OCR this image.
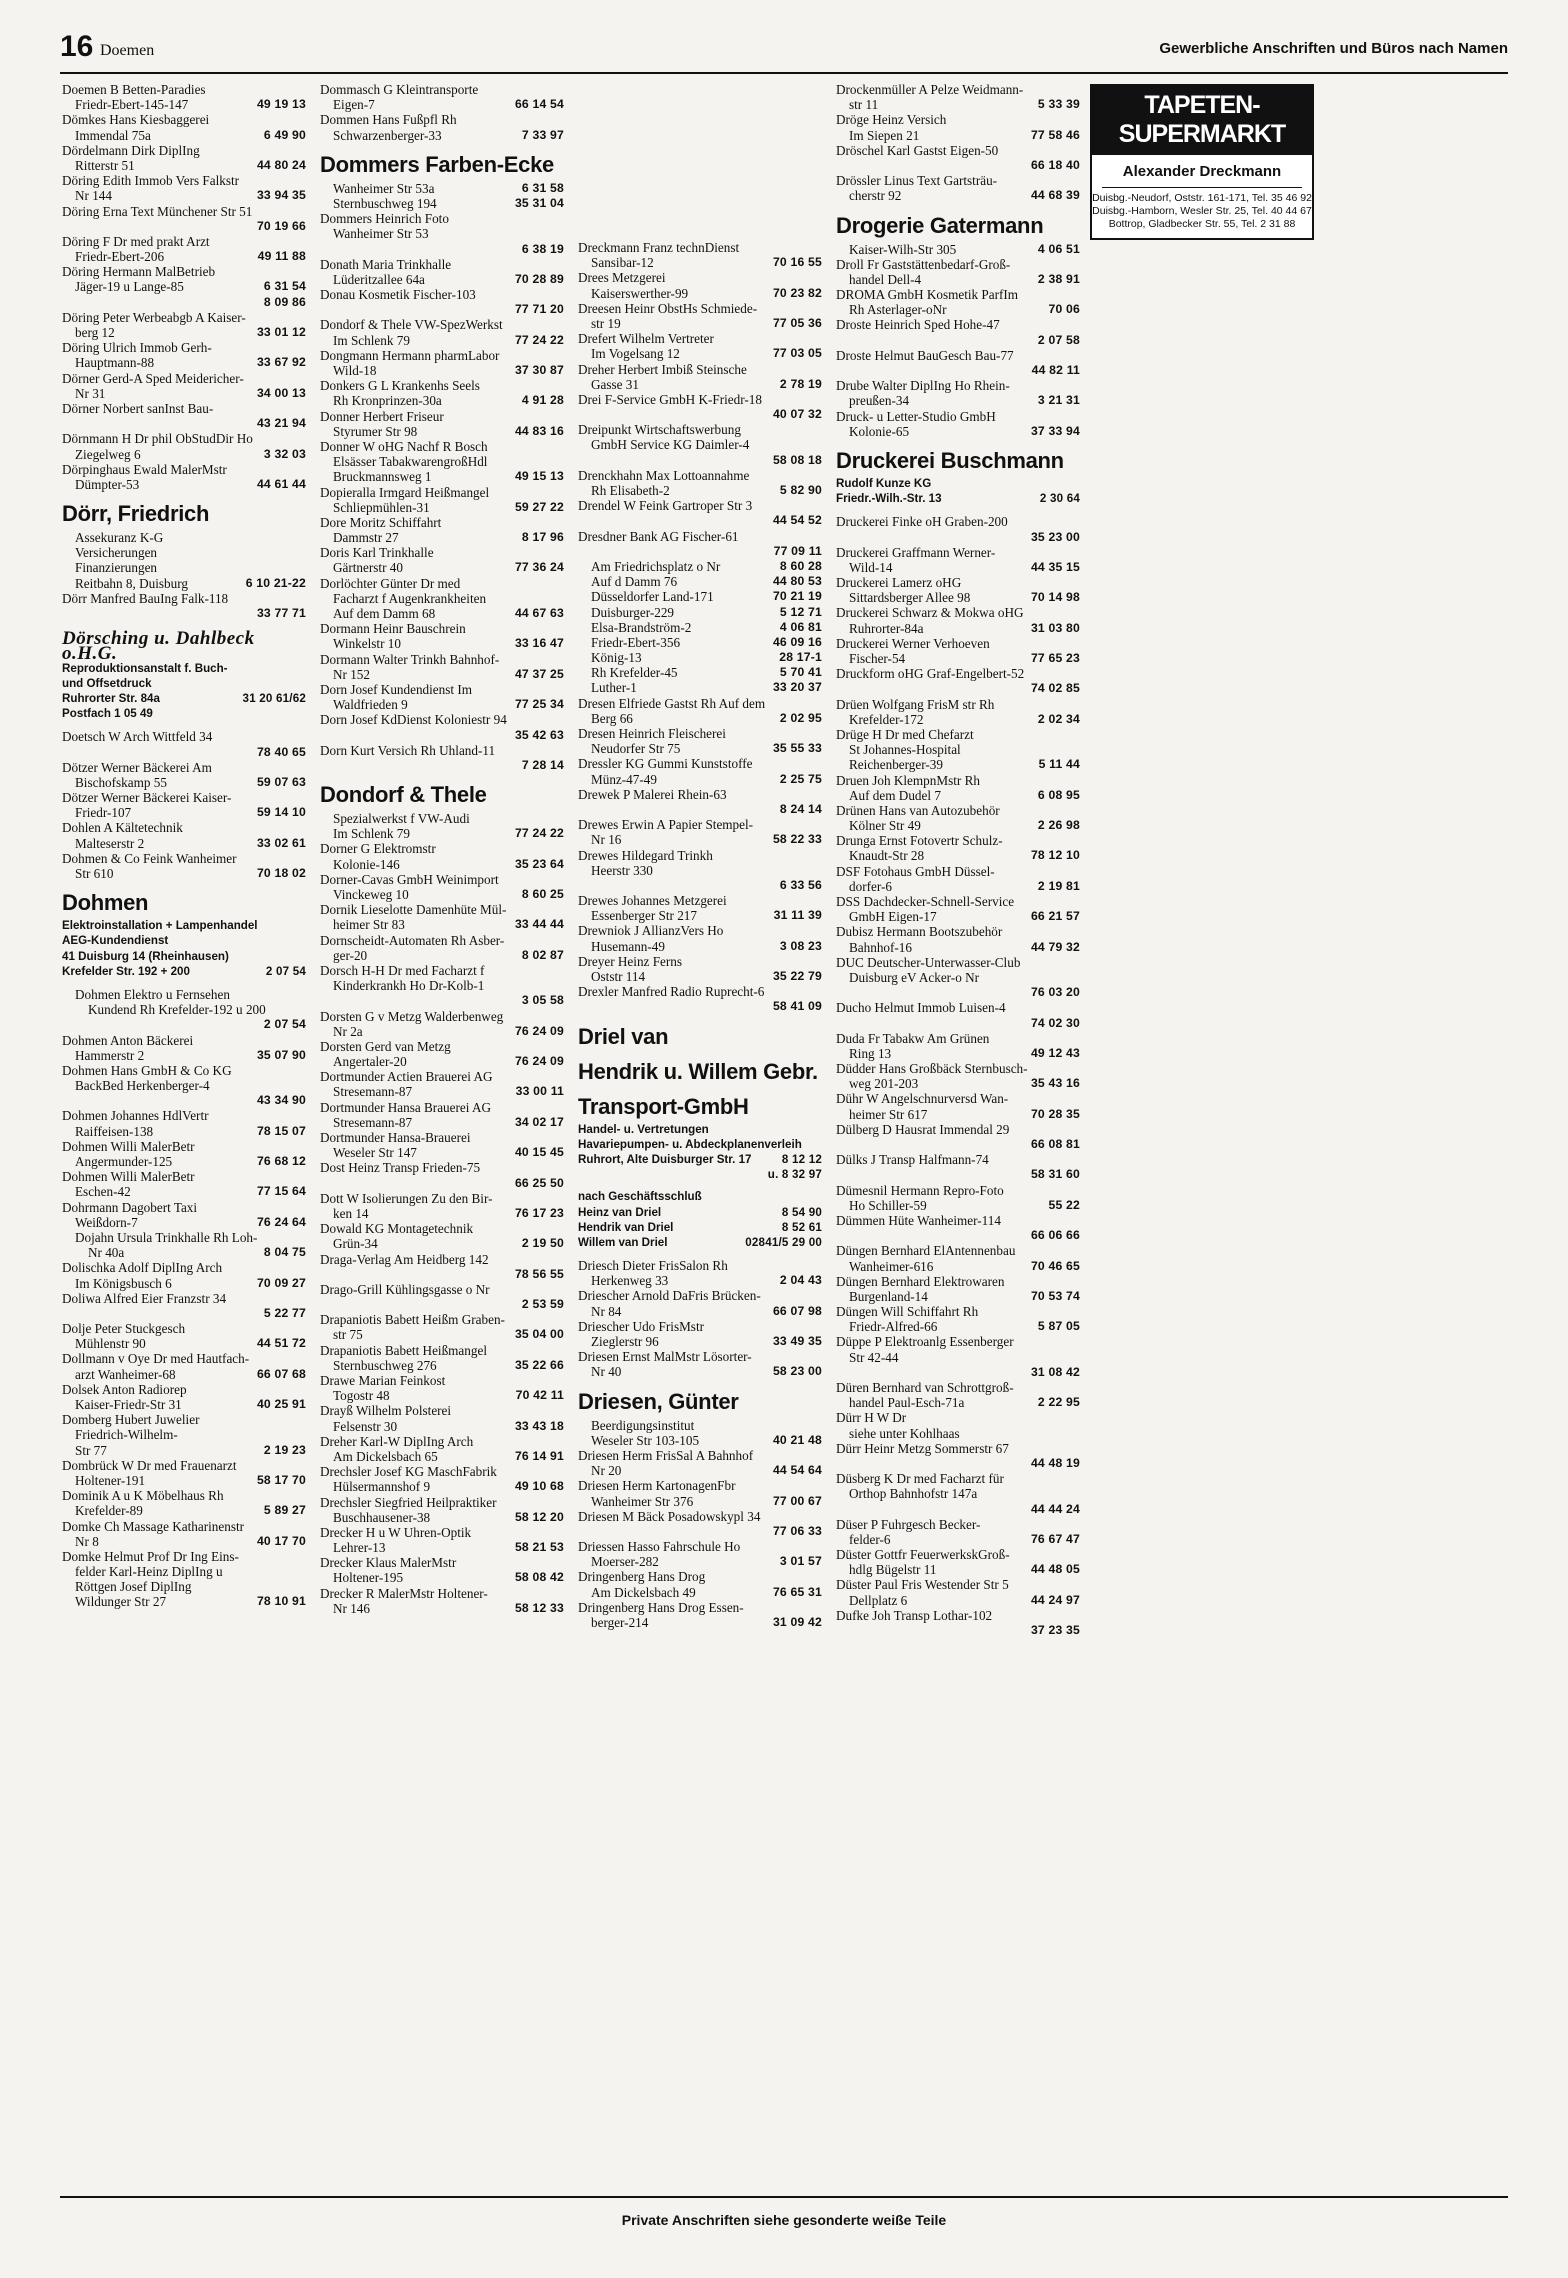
16 Doemen	Gewerbliche Anschriften und Büros nach Namen
TAPETEN-SUPERMARKT
Alexander Dreckmann
Duisbg.-Neudorf, Oststr. 161-171, Tel. 35 46 92
Duisbg.-Hamborn, Wesler Str. 25, Tel. 40 44 67
Bottrop, Gladbecker Str. 55, Tel. 2 31 88
Doemen B Betten-Paradies
Friedr-Ebert-145-147	49 19 13
Dömkes Hans Kiesbaggerei
Immendal 75a	6 49 90
Dördelmann Dirk DiplIng
Ritterstr 51	44 80 24
Döring Edith Immob Vers Falkstr
Nr 144	33 94 35
Döring Erna Text Münchener Str 51
70 19 66
Döring F Dr med prakt Arzt
Friedr-Ebert-206	49 11 88
Döring Hermann MalBetrieb
Jäger-19 u Lange-85	6 31 54
8 09 86
Döring Peter Werbeabgb A Kaiser-
berg 12	33 01 12
Döring Ulrich Immob Gerh-
Hauptmann-88	33 67 92
Dörner Gerd-A Sped Meidericher-
Nr 31	34 00 13
Dörner Norbert sanInst Bau-
43 21 94
Dörnmann H Dr phil ObStudDir Ho
Ziegelweg 6	3 32 03
Dörpinghaus Ewald MalerMstr
Dümpter-53	44 61 44
Dörr, Friedrich
Assekuranz K-G
Versicherungen
Finanzierungen
Reitbahn 8, Duisburg	6 10 21-22
Dörr Manfred BauIng Falk-118
33 77 71
Dörsching u. Dahlbeck o.H.G.
Reproduktionsanstalt f. Buch-
und Offsetdruck
Ruhrorter Str. 84a	31 20 61/62
Postfach 1 05 49
Doetsch W Arch Wittfeld 34
78 40 65
Dötzer Werner Bäckerei Am
Bischofskamp 55	59 07 63
Dötzer Werner Bäckerei Kaiser-
Friedr-107	59 14 10
Dohlen A Kältetechnik
Malteserstr 2	33 02 61
Dohmen & Co Feink Wanheimer
Str 610	70 18 02
Dohmen
Elektroinstallation + Lampenhandel
AEG-Kundendienst
41 Duisburg 14 (Rheinhausen)
Krefelder Str. 192 + 200	2 07 54
Dohmen Elektro u Fernsehen
Kundend Rh Krefelder-192 u 200
2 07 54
Dohmen Anton Bäckerei
Hammerstr 2	35 07 90
Dohmen Hans GmbH & Co KG
BackBed Herkenberger-4
43 34 90
Dohmen Johannes HdlVertr
Raiffeisen-138	78 15 07
Dohmen Willi MalerBetr
Angermunder-125	76 68 12
Dohmen Willi MalerBetr
Eschen-42	77 15 64
Dohrmann Dagobert Taxi
Weißdorn-7	76 24 64
Dojahn Ursula Trinkhalle Rh Loh-
Nr 40a	8 04 75
Dolischka Adolf DiplIng Arch
Im Königsbusch 6	70 09 27
Doliwa Alfred Eier Franzstr 34
5 22 77
Dolje Peter Stuckgesch
Mühlenstr 90	44 51 72
Dollmann v Oye Dr med Hautfach-
arzt Wanheimer-68	66 07 68
Dolsek Anton Radiorep
Kaiser-Friedr-Str 31	40 25 91
Domberg Hubert Juwelier
Friedrich-Wilhelm-
Str 77	2 19 23
Dombrück W Dr med Frauenarzt
Holtener-191	58 17 70
Dominik A u K Möbelhaus Rh
Krefelder-89	5 89 27
Domke Ch Massage Katharinenstr
Nr 8	40 17 70
Domke Helmut Prof Dr Ing Eins-
felder Karl-Heinz DiplIng u
Röttgen Josef DiplIng
Wildunger Str 27	78 10 91
Dommasch G Kleintransporte
Eigen-7	66 14 54
Dommen Hans Fußpfl Rh
Schwarzenberger-33	7 33 97
Dommers Farben-Ecke
Wanheimer Str 53a	6 31 58
Sternbuschweg 194	35 31 04
Dommers Heinrich Foto
Wanheimer Str 53
6 38 19
Donath Maria Trinkhalle
Lüderitzallee 64a	70 28 89
Donau Kosmetik Fischer-103
77 71 20
Dondorf & Thele VW-SpezWerkst
Im Schlenk 79	77 24 22
Dongmann Hermann pharmLabor
Wild-18	37 30 87
Donkers G L Krankenhs Seels
Rh Kronprinzen-30a	4 91 28
Donner Herbert Friseur
Styrumer Str 98	44 83 16
Donner W oHG Nachf R Bosch
Elsässer TabakwarengroßHdl
Bruckmannsweg 1	49 15 13
Dopieralla Irmgard Heißmangel
Schliepmühlen-31	59 27 22
Dore Moritz Schiffahrt
Dammstr 27	8 17 96
Doris Karl Trinkhalle
Gärtnerstr 40	77 36 24
Dorlöchter Günter Dr med
Facharzt f Augenkrankheiten
Auf dem Damm 68	44 67 63
Dormann Heinr Bauschrein
Winkelstr 10	33 16 47
Dormann Walter Trinkh Bahnhof-
Nr 152	47 37 25
Dorn Josef Kundendienst Im
Waldfrieden 9	77 25 34
Dorn Josef KdDienst Koloniestr 94
35 42 63
Dorn Kurt Versich Rh Uhland-11
7 28 14
Dondorf & Thele
Spezialwerkst f VW-Audi
Im Schlenk 79	77 24 22
Dorner G Elektromstr
Kolonie-146	35 23 64
Dorner-Cavas GmbH Weinimport
Vinckeweg 10	8 60 25
Dornik Lieselotte Damenhüte Mül-
heimer Str 83	33 44 44
Dornscheidt-Automaten Rh Asber-
ger-20	8 02 87
Dorsch H-H Dr med Facharzt f
Kinderkrankh Ho Dr-Kolb-1
3 05 58
Dorsten G v Metzg Walderbenweg
Nr 2a	76 24 09
Dorsten Gerd van Metzg
Angertaler-20	76 24 09
Dortmunder Actien Brauerei AG
Stresemann-87	33 00 11
Dortmunder Hansa Brauerei AG
Stresemann-87	34 02 17
Dortmunder Hansa-Brauerei
Weseler Str 147	40 15 45
Dost Heinz Transp Frieden-75
66 25 50
Dott W Isolierungen Zu den Bir-
ken 14	76 17 23
Dowald KG Montagetechnik
Grün-34	2 19 50
Draga-Verlag Am Heidberg 142
78 56 55
Drago-Grill Kühlingsgasse o Nr
2 53 59
Drapaniotis Babett Heißm Graben-
str 75	35 04 00
Drapaniotis Babett Heißmangel
Sternbuschweg 276	35 22 66
Drawe Marian Feinkost
Togostr 48	70 42 11
Drayß Wilhelm Polsterei
Felsenstr 30	33 43 18
Dreher Karl-W DiplIng Arch
Am Dickelsbach 65	76 14 91
Drechsler Josef KG MaschFabrik
Hülsermannshof 9	49 10 68
Drechsler Siegfried Heilpraktiker
Buschhausener-38	58 12 20
Drecker H u W Uhren-Optik
Lehrer-13	58 21 53
Drecker Klaus MalerMstr
Holtener-195	58 08 42
Drecker R MalerMstr Holtener-
Nr 146	58 12 33
Dreckmann Franz technDienst
Sansibar-12	70 16 55
Drees Metzgerei
Kaiserswerther-99	70 23 82
Dreesen Heinr ObstHs Schmiede-
str 19	77 05 36
Drefert Wilhelm Vertreter
Im Vogelsang 12	77 03 05
Dreher Herbert Imbiß Steinsche
Gasse 31	2 78 19
Drei F-Service GmbH K-Friedr-18
40 07 32
Dreipunkt Wirtschaftswerbung
GmbH Service KG Daimler-4
58 08 18
Drenckhahn Max Lottoannahme
Rh Elisabeth-2	5 82 90
Drendel W Feink Gartroper Str 3
44 54 52
Dresdner Bank AG Fischer-61
77 09 11
Am Friedrichsplatz o Nr	8 60 28
Auf d Damm 76	44 80 53
Düsseldorfer Land-171	70 21 19
Duisburger-229	5 12 71
Elsa-Brandström-2	4 06 81
Friedr-Ebert-356	46 09 16
König-13	28 17-1
Rh Krefelder-45	5 70 41
Luther-1	33 20 37
Dresen Elfriede Gastst Rh Auf dem
Berg 66	2 02 95
Dresen Heinrich Fleischerei
Neudorfer Str 75	35 55 33
Dressler KG Gummi Kunststoffe
Münz-47-49	2 25 75
Drewek P Malerei Rhein-63
8 24 14
Drewes Erwin A Papier Stempel-
Nr 16	58 22 33
Drewes Hildegard Trinkh
Heerstr 330
6 33 56
Drewes Johannes Metzgerei
Essenberger Str 217	31 11 39
Drewniok J AllianzVers Ho
Husemann-49	3 08 23
Dreyer Heinz Ferns
Oststr 114	35 22 79
Drexler Manfred Radio Ruprecht-6
58 41 09
Driel van
Hendrik u. Willem Gebr.
Transport-GmbH
Handel- u. Vertretungen
Havariepumpen- u. Abdeckplanenverleih
Ruhrort, Alte Duisburger Str. 17	8 12 12
u. 8 32 97
nach Geschäftsschluß
Heinz van Driel	8 54 90
Hendrik van Driel	8 52 61
Willem van Driel	02841/5 29 00
Driesch Dieter FrisSalon Rh
Herkenweg 33	2 04 43
Driescher Arnold DaFris Brücken-
Nr 84	66 07 98
Driescher Udo FrisMstr
Zieglerstr 96	33 49 35
Driesen Ernst MalMstr Lösorter-
Nr 40	58 23 00
Driesen, Günter
Beerdigungsinstitut
Weseler Str 103-105	40 21 48
Driesen Herm FrisSal A Bahnhof
Nr 20	44 54 64
Driesen Herm KartonagenFbr
Wanheimer Str 376	77 00 67
Driesen M Bäck Posadowskypl 34
77 06 33
Driessen Hasso Fahrschule Ho
Moerser-282	3 01 57
Dringenberg Hans Drog
Am Dickelsbach 49	76 65 31
Dringenberg Hans Drog Essen-
berger-214	31 09 42
Drockenmüller A Pelze Weidmann-
str 11	5 33 39
Dröge Heinz Versich
Im Siepen 21	77 58 46
Dröschel Karl Gastst Eigen-50
66 18 40
Drössler Linus Text Gartsträu-
cherstr 92	44 68 39
Drogerie Gatermann
Kaiser-Wilh-Str 305	4 06 51
Droll Fr Gaststättenbedarf-Groß-
handel Dell-4	2 38 91
DROMA GmbH Kosmetik ParfIm
Rh Asterlager-oNr	70 06
Droste Heinrich Sped Hohe-47
2 07 58
Droste Helmut BauGesch Bau-77
44 82 11
Drube Walter DiplIng Ho Rhein-
preußen-34	3 21 31
Druck- u Letter-Studio GmbH
Kolonie-65	37 33 94
Druckerei Buschmann
Rudolf Kunze KG
Friedr.-Wilh.-Str. 13	2 30 64
Druckerei Finke oH Graben-200
35 23 00
Druckerei Graffmann Werner-
Wild-14	44 35 15
Druckerei Lamerz oHG
Sittardsberger Allee 98	70 14 98
Druckerei Schwarz & Mokwa oHG
Ruhrorter-84a	31 03 80
Druckerei Werner Verhoeven
Fischer-54	77 65 23
Druckform oHG Graf-Engelbert-52
74 02 85
Drüen Wolfgang FrisM str Rh
Krefelder-172	2 02 34
Drüge H Dr med Chefarzt
St Johannes-Hospital
Reichenberger-39	5 11 44
Druen Joh KlempnMstr Rh
Auf dem Dudel 7	6 08 95
Drünen Hans van Autozubehör
Kölner Str 49	2 26 98
Drunga Ernst Fotovertr Schulz-
Knaudt-Str 28	78 12 10
DSF Fotohaus GmbH Düssel-
dorfer-6	2 19 81
DSS Dachdecker-Schnell-Service
GmbH Eigen-17	66 21 57
Dubisz Hermann Bootszubehör
Bahnhof-16	44 79 32
DUC Deutscher-Unterwasser-Club
Duisburg eV Acker-o Nr
76 03 20
Ducho Helmut Immob Luisen-4
74 02 30
Duda Fr Tabakw Am Grünen
Ring 13	49 12 43
Düdder Hans Großbäck Sternbusch-
weg 201-203	35 43 16
Dühr W Angelschnurversd Wan-
heimer Str 617	70 28 35
Dülberg D Hausrat Immendal 29
66 08 81
Dülks J Transp Halfmann-74
58 31 60
Dümesnil Hermann Repro-Foto
Ho Schiller-59	55 22
Dümmen Hüte Wanheimer-114
66 06 66
Düngen Bernhard ElAntennenbau
Wanheimer-616	70 46 65
Düngen Bernhard Elektrowaren
Burgenland-14	70 53 74
Düngen Will Schiffahrt Rh
Friedr-Alfred-66	5 87 05
Düppe P Elektroanlg Essenberger
Str 42-44
31 08 42
Düren Bernhard van Schrottgroß-
handel Paul-Esch-71a	2 22 95
Dürr H W Dr
siehe unter Kohlhaas
Dürr Heinr Metzg Sommerstr 67
44 48 19
Düsberg K Dr med Facharzt für
Orthop Bahnhofstr 147a
44 44 24
Düser P Fuhrgesch Becker-
felder-6	76 67 47
Düster Gottfr FeuerwerkskGroß-
hdlg Bügelstr 11	44 48 05
Düster Paul Fris Westender Str 5
Dellplatz 6	44 24 97
Dufke Joh Transp Lothar-102
37 23 35
Private Anschriften siehe gesonderte weiße Teile
